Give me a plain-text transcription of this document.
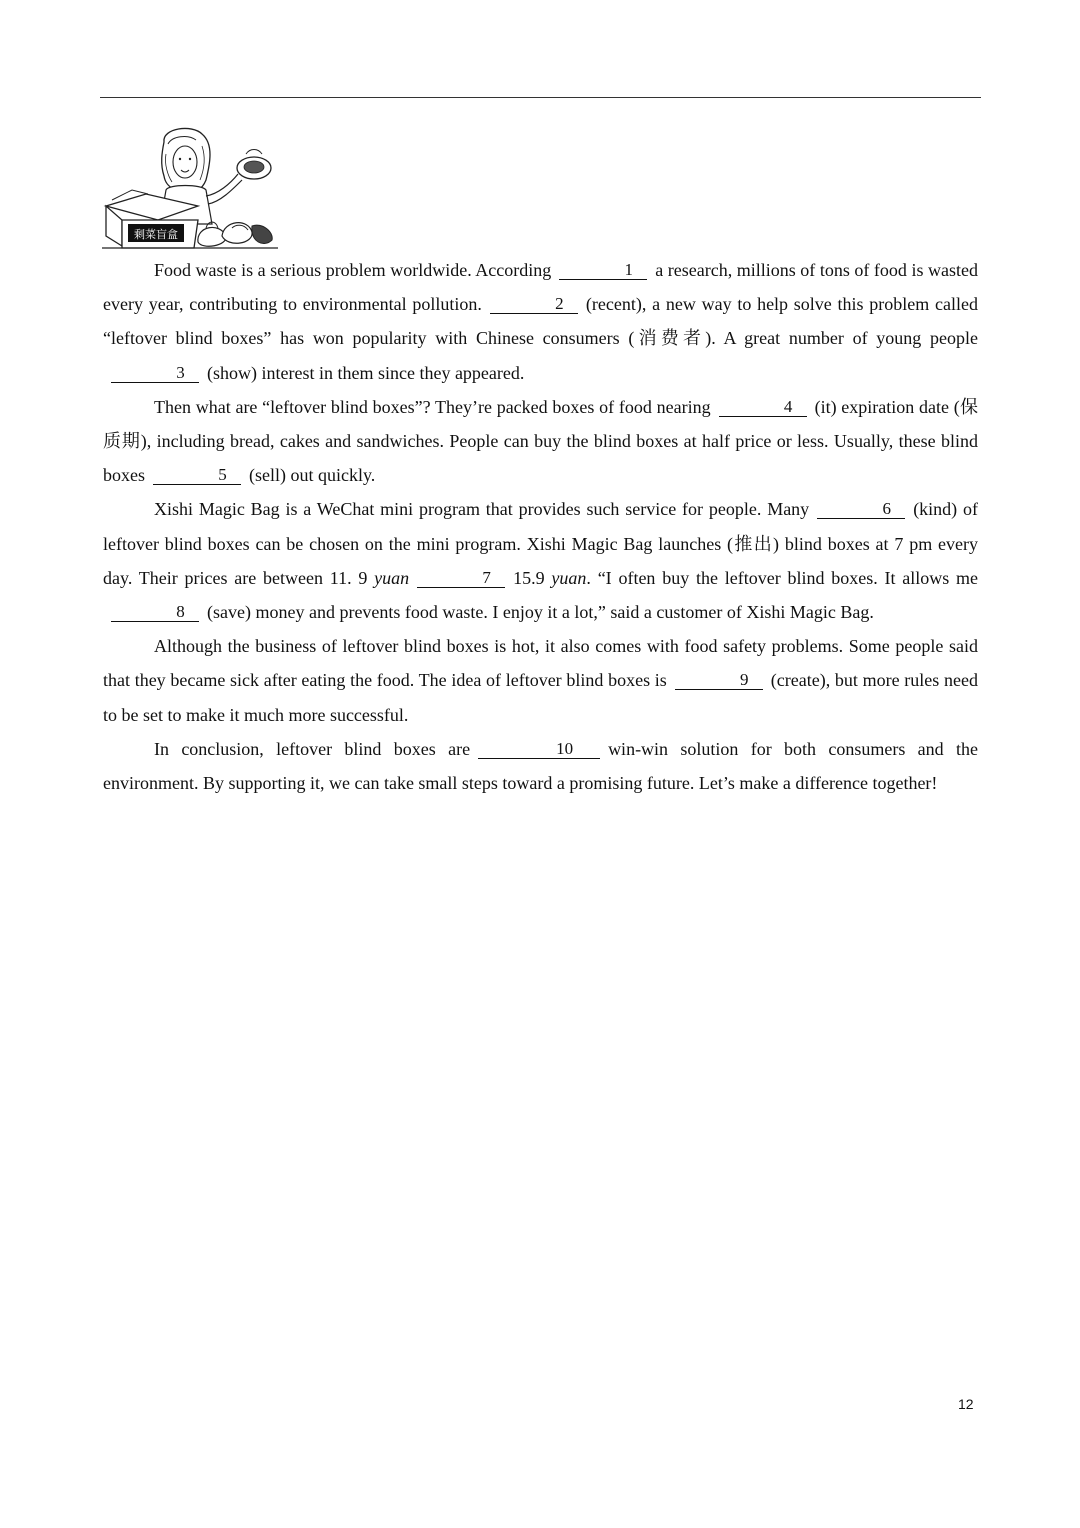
剩菜盲盒

Food waste is a serious problem worldwide. According	1 a research, millions of tons of food is wasted every year, contributing to environmental pollution.	2 (recent), a new way to help solve this problem called “leftover blind boxes” has won popularity with Chinese consumers (消费者). A great number of young people3 (show) interest in them since they appeared.

Then what are “leftover blind boxes”? They’re packed boxes of food nearing	4 (it) expiration date (保质期), including bread, cakes and sandwiches. People can buy the blind boxes at half price or less. Usually, these blind boxes	5 (sell) out quickly.

Xishi Magic Bag is a WeChat mini program that provides such service for people. Many	6 (kind) of leftover blind boxes can be chosen on the mini program. Xishi Magic Bag launches (推出) blind boxes at 7 pm every day. Their prices are between 11. 9 yuan	7 15.9 yuan. “I often buy the leftover blind boxes. It allows me8 (save) money and prevents food waste. I enjoy it a lot,” said a customer of Xishi Magic Bag.

Although the business of leftover blind boxes is hot, it also comes with food safety problems. Some people said that they became sick after eating the food. The idea of leftover blind boxes is	9 (create), but more rules need to be set to make it much more successful.

In conclusion, leftover blind boxes are	10 win-win solution for both consumers and the environment. By supporting it, we can take small steps toward a promising future. Let’s make a difference together!

12
